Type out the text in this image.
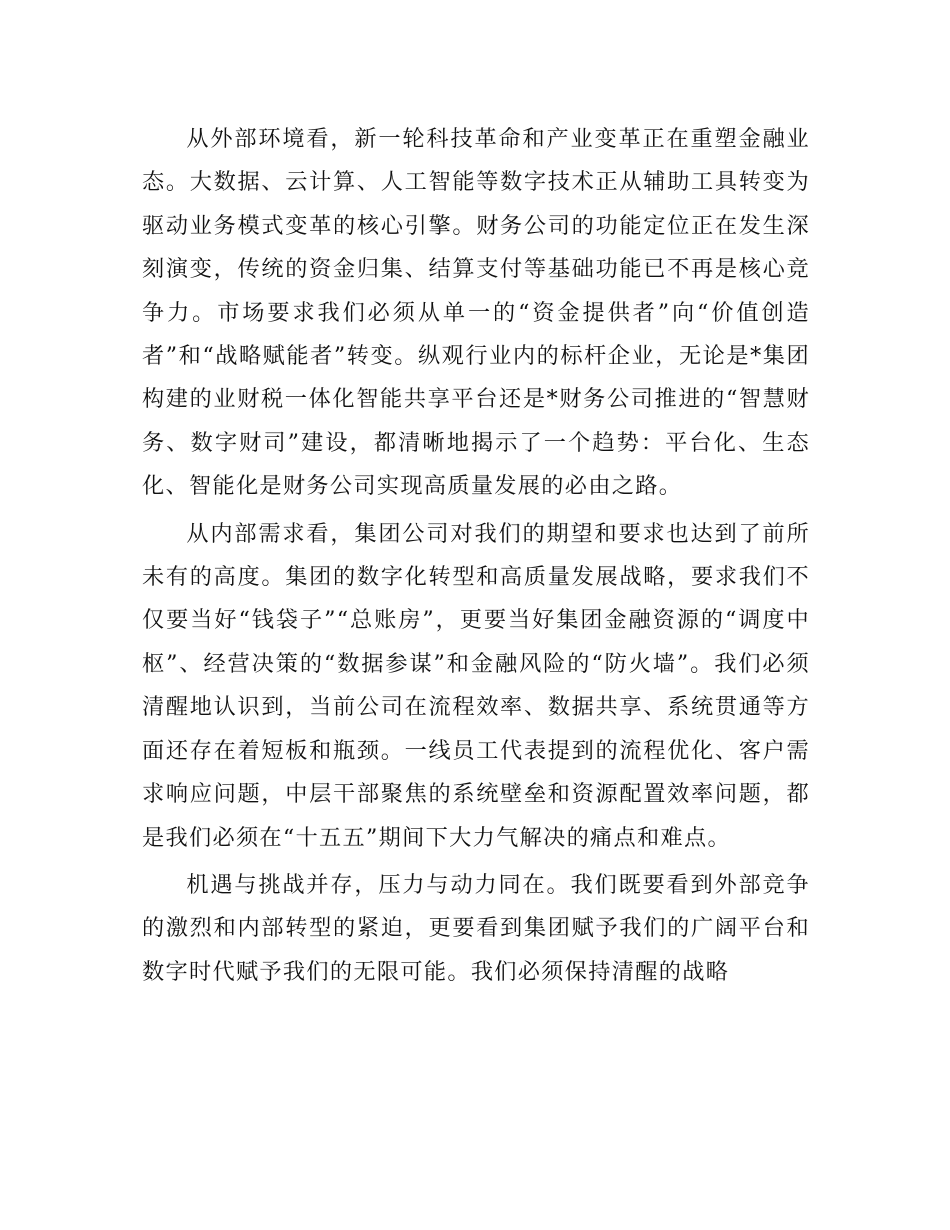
从外部环境看，新一轮科技革命和产业变革正在重塑金融业态。大数据、云计算、人工智能等数字技术正从辅助工具转变为驱动业务模式变革的核心引擎。财务公司的功能定位正在发生深刻演变，传统的资金归集、结算支付等基础功能已不再是核心竞争力。市场要求我们必须从单一的“资金提供者”向“价值创造者”和“战略赋能者”转变。纵观行业内的标杆企业，无论是*集团构建的业财税一体化智能共享平台还是*财务公司推进的“智慧财务、数字财司”建设，都清晰地揭示了一个趋势：平台化、生态化、智能化是财务公司实现高质量发展的必由之路。

从内部需求看，集团公司对我们的期望和要求也达到了前所未有的高度。集团的数字化转型和高质量发展战略，要求我们不仅要当好“钱袋子”“总账房”，更要当好集团金融资源的“调度中枢”、经营决策的“数据参谋”和金融风险的“防火墙”。我们必须清醒地认识到，当前公司在流程效率、数据共享、系统贯通等方面还存在着短板和瓶颈。一线员工代表提到的流程优化、客户需求响应问题，中层干部聚焦的系统壁垒和资源配置效率问题，都是我们必须在“十五五”期间下大力气解决的痛点和难点。

机遇与挑战并存，压力与动力同在。我们既要看到外部竞争的激烈和内部转型的紧迫，更要看到集团赋予我们的广阔平台和数字时代赋予我们的无限可能。我们必须保持清醒的战略
